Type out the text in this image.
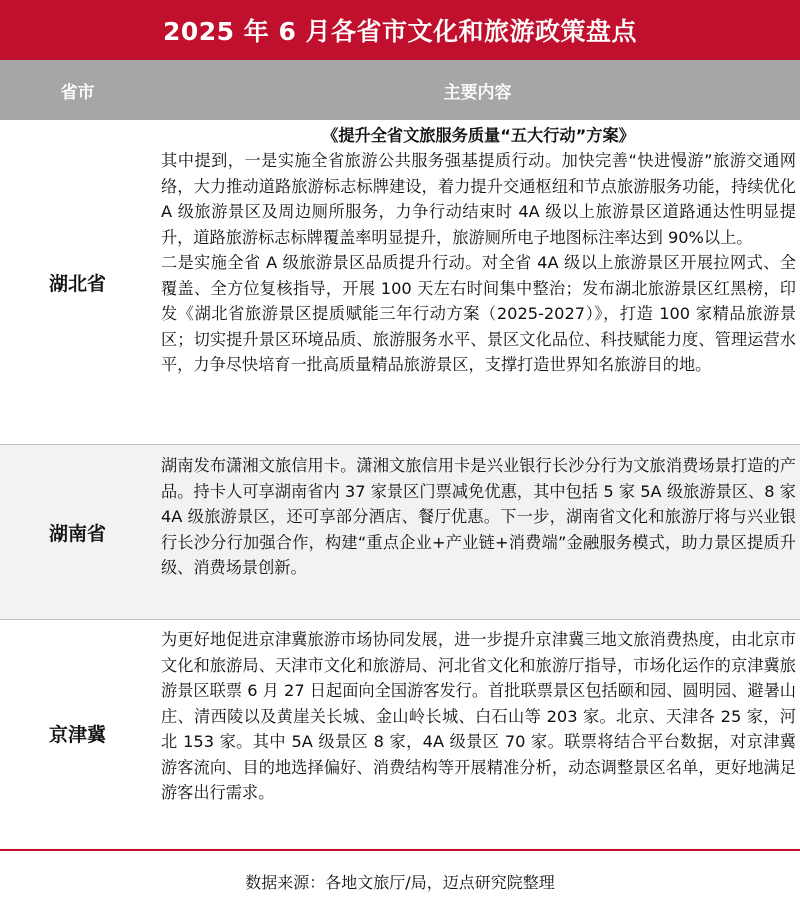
2025 年 6 月各省市文化和旅游政策盘点
省市	主要内容
湖北省
《提升全省文旅服务质量“五大行动”方案》
其中提到，一是实施全省旅游公共服务强基提质行动。加快完善“快进慢游”旅游交通网络，大力推动道路旅游标志标牌建设，着力提升交通枢纽和节点旅游服务功能，持续优化 A 级旅游景区及周边厕所服务，力争行动结束时 4A 级以上旅游景区道路通达性明显提升，道路旅游标志标牌覆盖率明显提升，旅游厕所电子地图标注率达到 90%以上。
二是实施全省 A 级旅游景区品质提升行动。对全省 4A 级以上旅游景区开展拉网式、全覆盖、全方位复核指导，开展 100 天左右时间集中整治；发布湖北旅游景区红黑榜，印发《湖北省旅游景区提质赋能三年行动方案（2025-2027）》，打造 100 家精品旅游景区；切实提升景区环境品质、旅游服务水平、景区文化品位、科技赋能力度、管理运营水平，力争尽快培育一批高质量精品旅游景区，支撑打造世界知名旅游目的地。
湖南省
湖南发布潇湘文旅信用卡。潇湘文旅信用卡是兴业银行长沙分行为文旅消费场景打造的产品。持卡人可享湖南省内 37 家景区门票减免优惠，其中包括 5 家 5A 级旅游景区、8 家 4A 级旅游景区，还可享部分酒店、餐厅优惠。下一步，湖南省文化和旅游厅将与兴业银行长沙分行加强合作，构建“重点企业+产业链+消费端”金融服务模式，助力景区提质升级、消费场景创新。
京津冀
为更好地促进京津冀旅游市场协同发展，进一步提升京津冀三地文旅消费热度，由北京市文化和旅游局、天津市文化和旅游局、河北省文化和旅游厅指导，市场化运作的京津冀旅游景区联票 6 月 27 日起面向全国游客发行。首批联票景区包括颐和园、圆明园、避暑山庄、清西陵以及黄崖关长城、金山岭长城、白石山等 203 家。北京、天津各 25 家，河北 153 家。其中 5A 级景区 8 家，4A 级景区 70 家。联票将结合平台数据，对京津冀游客流向、目的地选择偏好、消费结构等开展精准分析，动态调整景区名单，更好地满足游客出行需求。
数据来源：各地文旅厅/局，迈点研究院整理
